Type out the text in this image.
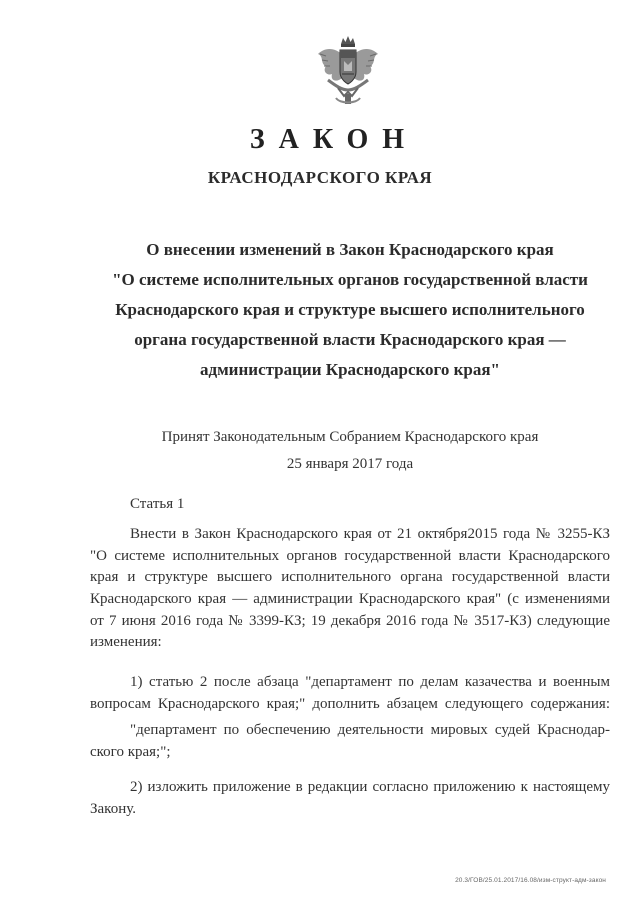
ЗАКОН
КРАСНОДАРСКОГО КРАЯ
О внесении изменений в Закон Краснодарского края
"О системе исполнительных органов государственной власти
Краснодарского края и структуре высшего исполнительного
органа государственной власти Краснодарского края —
администрации Краснодарского края"
Принят Законодательным Собранием Краснодарского края
25 января 2017 года
Статья 1
Внести в Закон Краснодарского края от 21 октября2015 года № 3255-КЗ
"О системе исполнительных органов государственной власти Краснодарского
края и структуре высшего исполнительного органа государственной власти
Краснодарского края — администрации Краснодарского края" (с изменениями
от 7 июня 2016 года № 3399-КЗ; 19 декабря 2016 года № 3517-КЗ) следующие
изменения:
1) статью 2 после абзаца "департамент по делам казачества и военным
вопросам Краснодарского края;" дополнить абзацем следующего содержания:
"департамент по обеспечению деятельности мировых судей Краснодар-
ского края;";
2) изложить приложение в редакции согласно приложению к настоящему
Закону.
20.3/ГОВ/25.01.2017/16.08/изм-структ-адм-закон
